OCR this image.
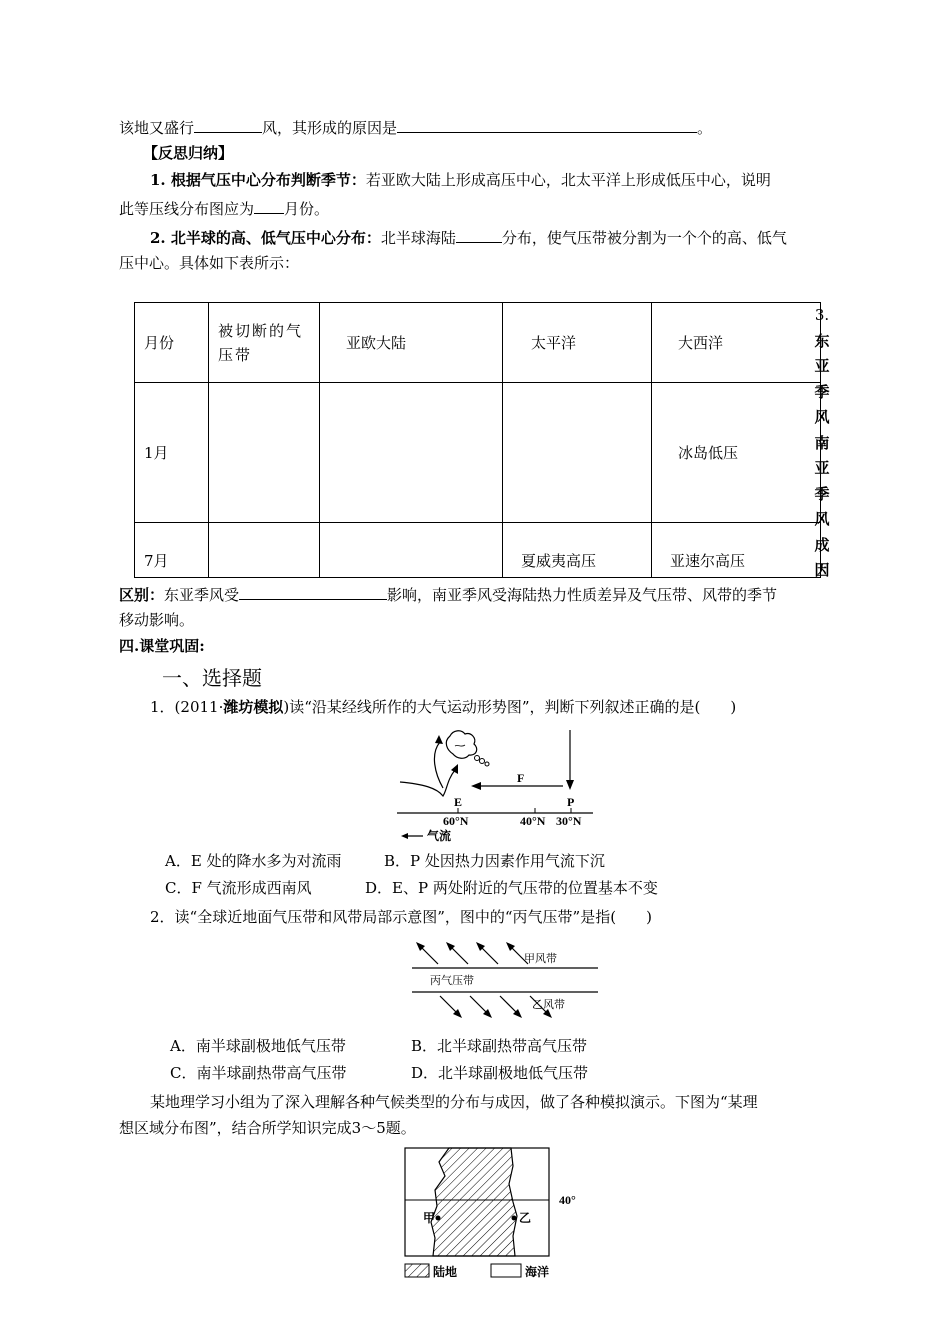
该地又盛行	风，其形成的原因是	。
【反思归纳】
1. 根据气压中心分布判断季节：若亚欧大陆上形成高压中心，北太平洋上形成低压中心，说明
此等压线分布图应为 月份。
2. 北半球的高、低气压中心分布：北半球海陆	分布，使气压带被分割为一个个的高、低气
压中心。具体如下表所示：
月份	被切断的气压带	亚欧大陆	太平洋	大西洋
1月				冰岛低压
7月			夏威夷高压	亚速尔高压
3.
东
亚
季
风
南
亚
季
风
成
因
区别：东亚季风受	影响，南亚季风受海陆热力性质差异及气压带、风带的季节
移动影响。
四.课堂巩固:
一、选择题
1．(2011·潍坊模拟)读“沿某经线所作的大气运动形势图”，判断下列叙述正确的是(　　)
F
E	P
60°N	40°N 30°N
气流
A．E 处的降水多为对流雨	B．P 处因热力因素作用气流下沉
C．F 气流形成西南风	D．E、P 两处附近的气压带的位置基本不变
2．读“全球近地面气压带和风带局部示意图”，图中的“丙气压带”是指(　　)
甲风带
丙气压带
乙风带
A．南半球副极地低气压带	B．北半球副热带高气压带
C．南半球副热带高气压带	D．北半球副极地低气压带
某地理学习小组为了深入理解各种气候类型的分布与成因，做了各种模拟演示。下图为“某理
想区域分布图”，结合所学知识完成3～5题。
40°
甲	乙
陆地	海洋
